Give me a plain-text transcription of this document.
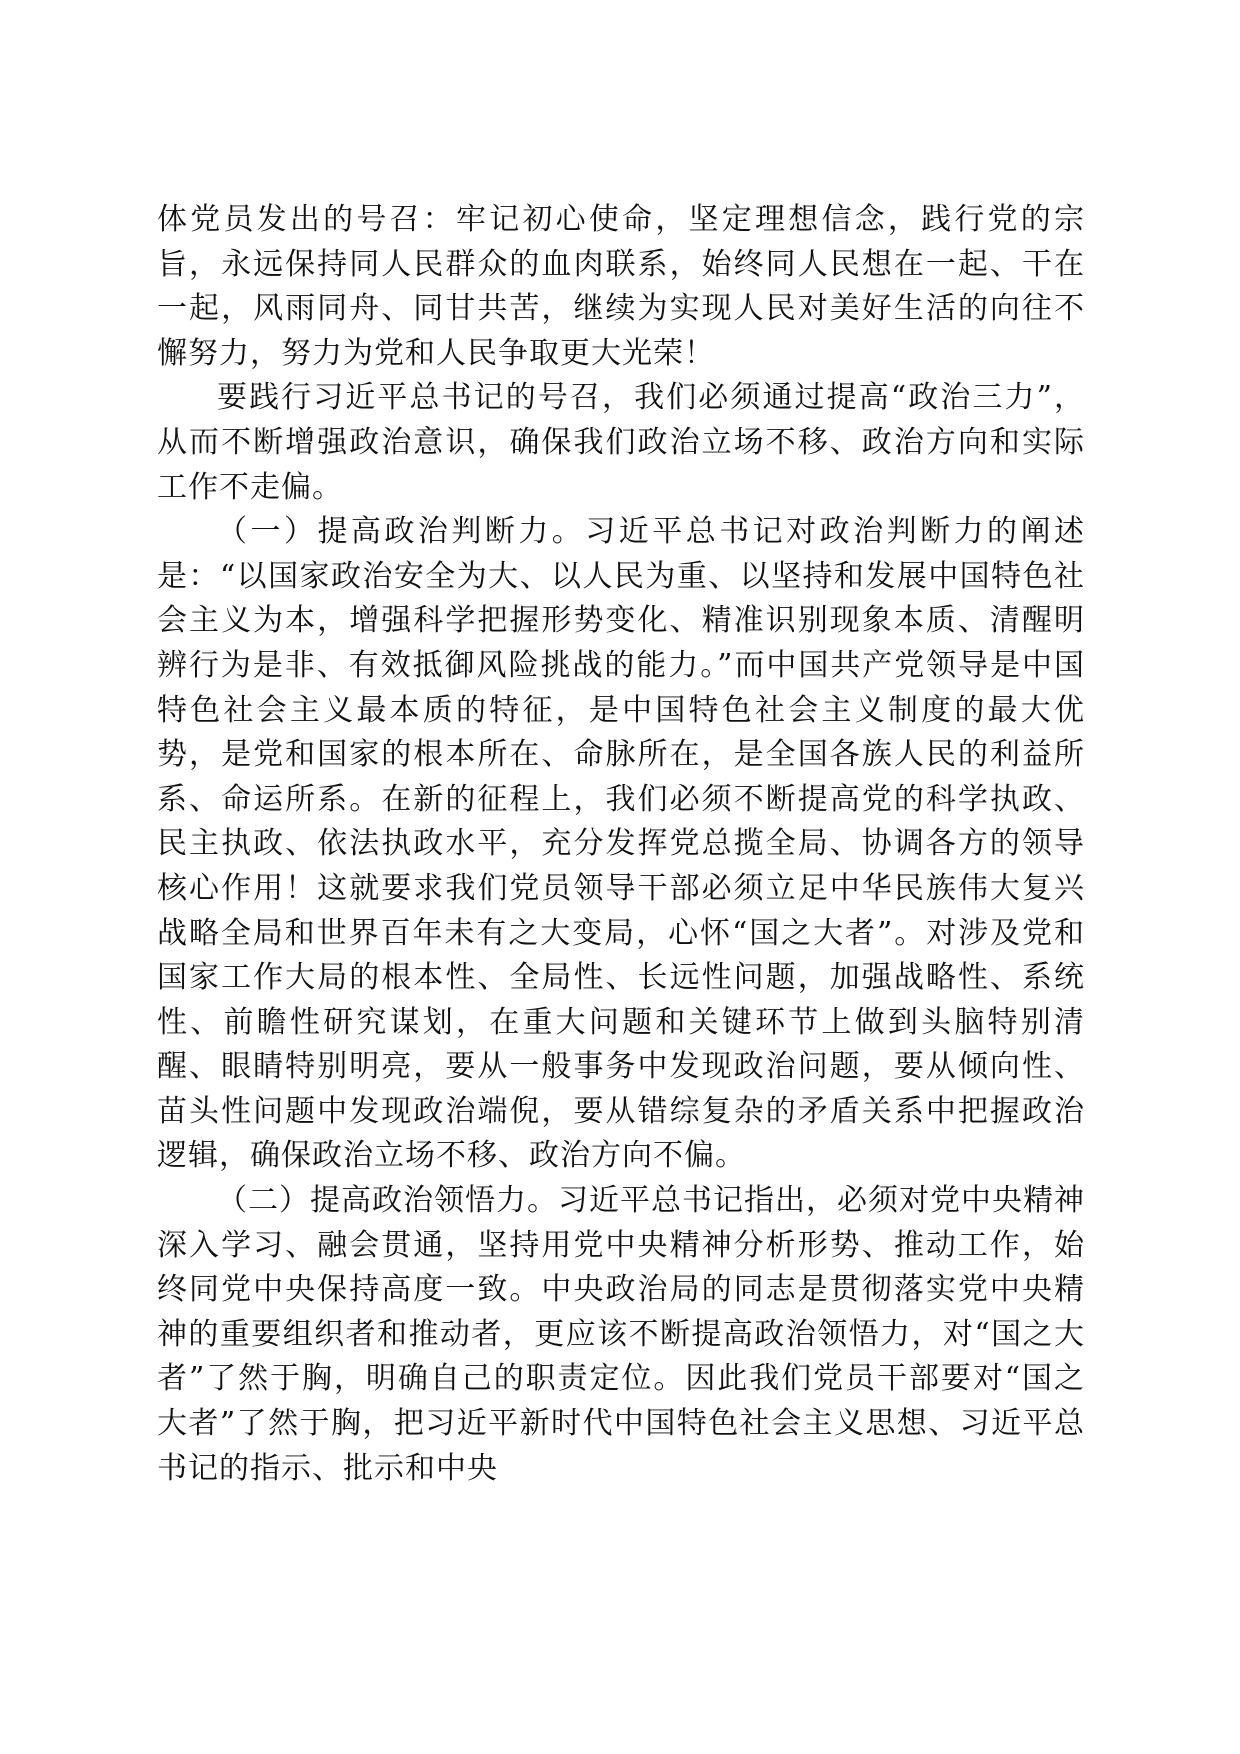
体党员发出的号召：牢记初心使命，坚定理想信念，践行党的宗旨，永远保持同人民群众的血肉联系，始终同人民想在一起、干在一起，风雨同舟、同甘共苦，继续为实现人民对美好生活的向往不懈努力，努力为党和人民争取更大光荣！

要践行习近平总书记的号召，我们必须通过提高“政治三力”，从而不断增强政治意识，确保我们政治立场不移、政治方向和实际工作不走偏。

（一）提高政治判断力。习近平总书记对政治判断力的阐述是：“以国家政治安全为大、以人民为重、以坚持和发展中国特色社会主义为本，增强科学把握形势变化、精准识别现象本质、清醒明辨行为是非、有效抵御风险挑战的能力。”而中国共产党领导是中国特色社会主义最本质的特征，是中国特色社会主义制度的最大优势，是党和国家的根本所在、命脉所在，是全国各族人民的利益所系、命运所系。在新的征程上，我们必须不断提高党的科学执政、民主执政、依法执政水平，充分发挥党总揽全局、协调各方的领导核心作用！这就要求我们党员领导干部必须立足中华民族伟大复兴战略全局和世界百年未有之大变局，心怀“国之大者”。对涉及党和国家工作大局的根本性、全局性、长远性问题，加强战略性、系统性、前瞻性研究谋划，在重大问题和关键环节上做到头脑特别清醒、眼睛特别明亮，要从一般事务中发现政治问题，要从倾向性、苗头性问题中发现政治端倪，要从错综复杂的矛盾关系中把握政治逻辑，确保政治立场不移、政治方向不偏。

（二）提高政治领悟力。习近平总书记指出，必须对党中央精神深入学习、融会贯通，坚持用党中央精神分析形势、推动工作，始终同党中央保持高度一致。中央政治局的同志是贯彻落实党中央精神的重要组织者和推动者，更应该不断提高政治领悟力，对“国之大者”了然于胸，明确自己的职责定位。因此我们党员干部要对“国之大者”了然于胸，把习近平新时代中国特色社会主义思想、习近平总书记的指示、批示和中央
